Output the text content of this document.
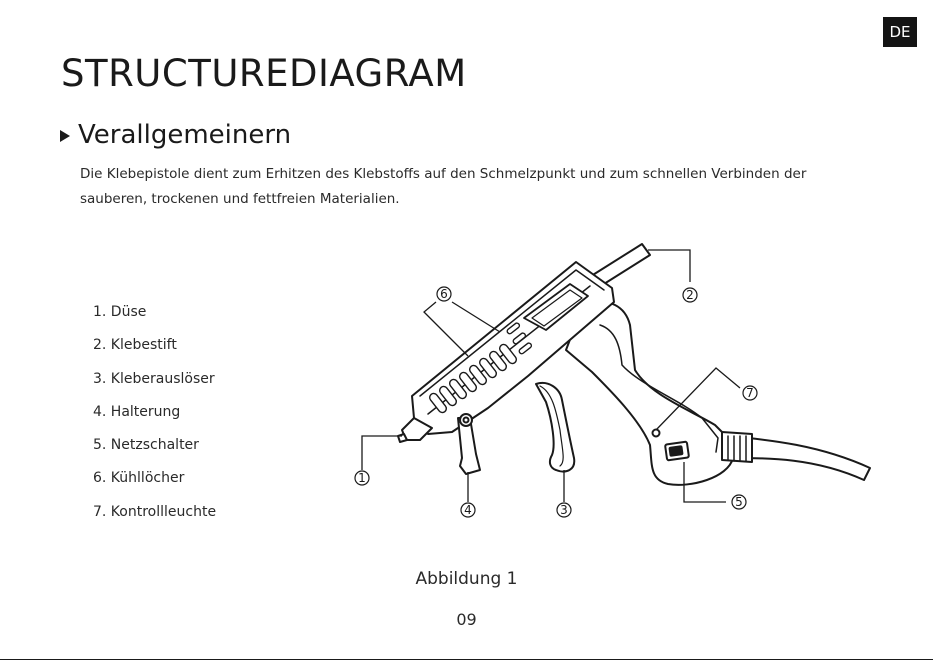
DE
STRUCTUREDIAGRAM
Verallgemeinern

Die Klebepistole dient zum Erhitzen des Klebstoffs auf den Schmelzpunkt und zum schnellen Verbinden der sauberen, trockenen und fettfreien Materialien.

1. Düse
2. Klebestift
3. Kleberauslöser
4. Halterung
5. Netzschalter
6. Kühllöcher
7. Kontrollleuchte
1
2
3
4
5
6
7
Abbildung 1
09
